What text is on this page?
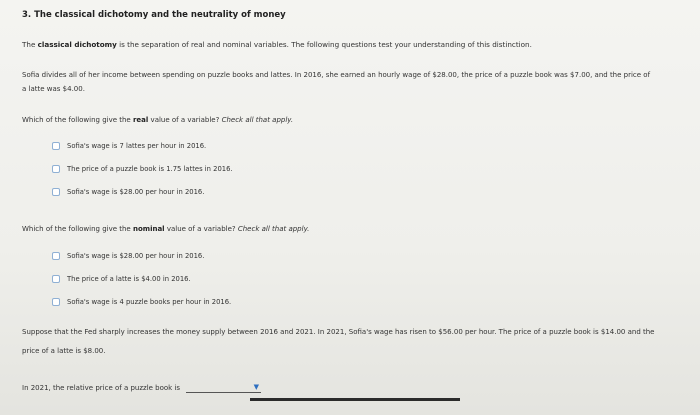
3. The classical dichotomy and the neutrality of money
The classical dichotomy is the separation of real and nominal variables. The following questions test your understanding of this distinction.
Sofia divides all of her income between spending on puzzle books and lattes. In 2016, she earned an hourly wage of $28.00, the price of a puzzle book was $7.00, and the price of a latte was $4.00.
Which of the following give the real value of a variable? Check all that apply.
Sofia's wage is 7 lattes per hour in 2016.
The price of a puzzle book is 1.75 lattes in 2016.
Sofia's wage is $28.00 per hour in 2016.
Which of the following give the nominal value of a variable? Check all that apply.
Sofia's wage is $28.00 per hour in 2016.
The price of a latte is $4.00 in 2016.
Sofia's wage is 4 puzzle books per hour in 2016.
Suppose that the Fed sharply increases the money supply between 2016 and 2021. In 2021, Sofia's wage has risen to $56.00 per hour. The price of a puzzle book is $14.00 and the price of a latte is $8.00.
In 2021, the relative price of a puzzle book is	▼
